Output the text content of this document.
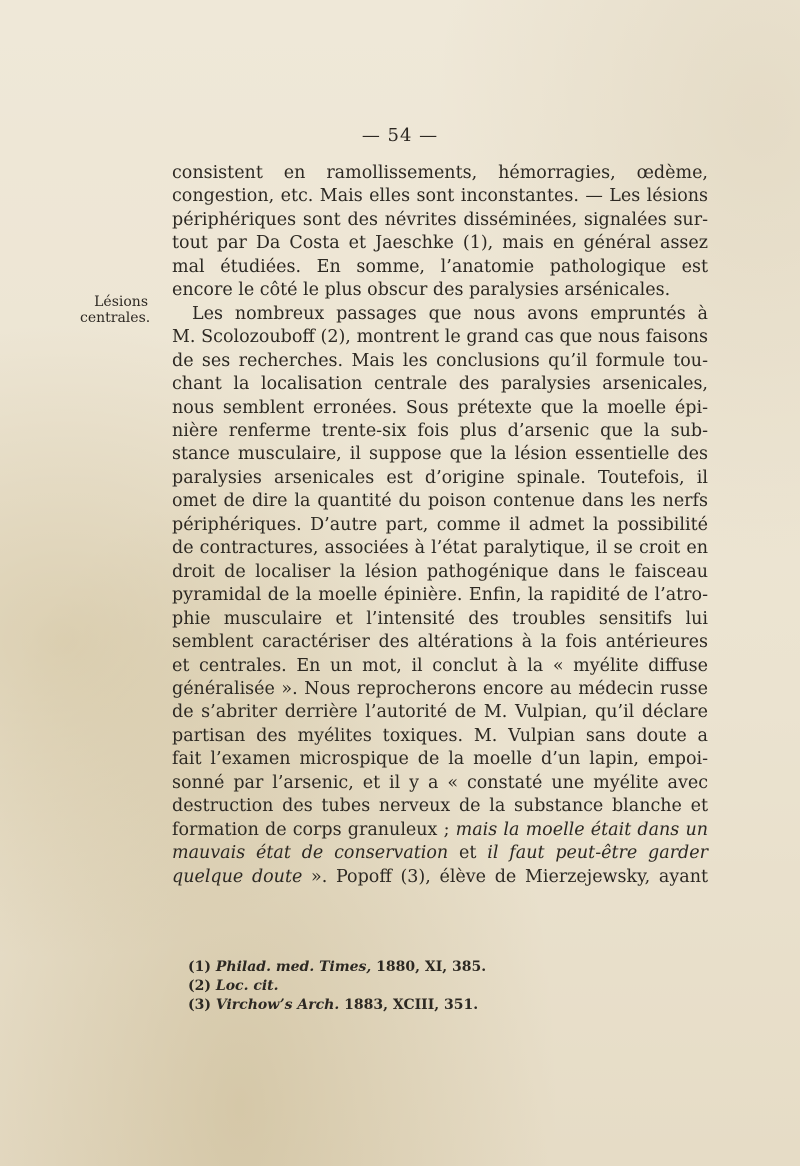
— 54 —
Lésions
centrales.
consistent en ramollissements, hémorragies, œdème,
congestion, etc. Mais elles sont inconstantes. — Les lésions
périphériques sont des névrites disséminées, signalées sur-
tout par Da Costa et Jaeschke (1), mais en général assez
mal étudiées. En somme, l’anatomie pathologique est
encore le côté le plus obscur des paralysies arsénicales.
Les nombreux passages que nous avons empruntés à
M. Scolozouboff (2), montrent le grand cas que nous faisons
de ses recherches. Mais les conclusions qu’il formule tou-
chant la localisation centrale des paralysies arsenicales,
nous semblent erronées. Sous prétexte que la moelle épi-
nière renferme trente-six fois plus d’arsenic que la sub-
stance musculaire, il suppose que la lésion essentielle des
paralysies arsenicales est d’origine spinale. Toutefois, il
omet de dire la quantité du poison contenue dans les nerfs
périphériques. D’autre part, comme il admet la possibilité
de contractures, associées à l’état paralytique, il se croit en
droit de localiser la lésion pathogénique dans le faisceau
pyramidal de la moelle épinière. Enfin, la rapidité de l’atro-
phie musculaire et l’intensité des troubles sensitifs lui
semblent caractériser des altérations à la fois antérieures
et centrales. En un mot, il conclut à la « myélite diffuse
généralisée ». Nous reprocherons encore au médecin russe
de s’abriter derrière l’autorité de M. Vulpian, qu’il déclare
partisan des myélites toxiques. M. Vulpian sans doute a
fait l’examen microspique de la moelle d’un lapin, empoi-
sonné par l’arsenic, et il y a « constaté une myélite avec
destruction des tubes nerveux de la substance blanche et
formation de corps granuleux ; mais la moelle était dans un
mauvais état de conservation et il faut peut-être garder
quelque doute ». Popoff (3), élève de Mierzejewsky, ayant
(1) Philad. med. Times, 1880, XI, 385.
(2) Loc. cit.
(3) Virchow’s Arch. 1883, XCIII, 351.
